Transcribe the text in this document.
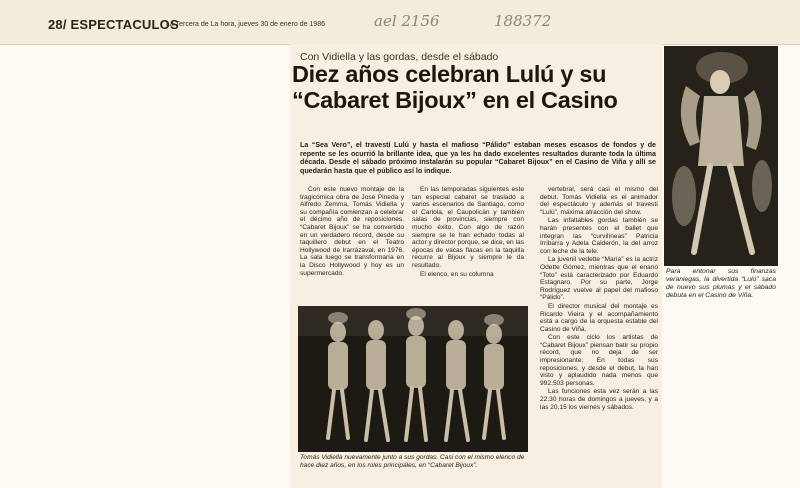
28/ ESPECTACULOS
La Tercera de La hora, jueves 30 de enero de 1986	ael 2156	188372
Con Vidiella y las gordas, desde el sábado
Diez años celebran Lulú y su “Cabaret Bijoux” en el Casino

La “Sea Vero”, el travestí Lulú y hasta el mafioso “Pálido” estaban meses escasos de fondos y de repente se les ocurrió la brillante idea, que ya les ha dado excelentes resultados durante toda la última década. Desde el sábado próximo instalarán su popular “Cabaret Bijoux” en el Casino de Viña y allí se quedarán hasta que el público así lo indique.

Con este nuevo montaje de la tragicómica obra de José Pineda y Alfredo Zemma, Tomás Vidiella y su compañía comienzan a celebrar el décimo año de reposiciones. “Cabaret Bijoux” se ha convertido en un verdadero récord, desde su taquillero debut en el Teatro Hollywood de Irarrázaval, en 1976. La sala luego se transformaría en la Disco Hollywood y hoy es un supermercado.

En las temporadas siguientes este tan especial cabaret se trasladó a varios escenarios de Santiago, como el Cariola, el Caupolicán y también salas de provincias, siempre con mucho éxito. Con algo de razón siempre se le han echado todas al actor y director porque, se dice, en las épocas de vacas flacas en la taquilla recurre al Bijoux y siempre le da resultado.

El elenco, en su columna

vertebral, será casi el mismo del debut. Tomás Vidiella es el animador del espectáculo y además el travestí “Lulú”, máxima atracción del show.

Las infaltables gordas también se harán presentes con el ballet que integran las “curvilíneas” Patricia Irribarra y Adela Calderón, la del arroz con leche de la tele.

La juvenil vedette “María” es la actriz Odette Gómez, mientras que el enano “Toto” está caracterizado por Eduardo Estagnaro. Por su parte, Jorge Rodríguez vuelve al papel del mafioso “Pálido”.

El director musical del montaje es Ricardo Vieira y el acompañamiento está a cargo de la orquesta estable del Casino de Viña.

Con este ciclo los artistas de “Cabaret Bijoux” piensan batir su propio récord, que no deja de ser impresionante: En todas sus reposiciones, y desde el debut, la han visto y aplaudido nada menos que 992.503 personas.

Las funciones esta vez serán a las 22.30 horas de domingos a jueves, y a las 20.15 los viernes y sábados.

Tomás Vidiella nuevamente junto a sus gordas. Casi con el mismo elenco de hace diez años, en los roles principales, en “Cabaret Bijoux”.

Para entonar sus finanzas veraniegas, la divertida “Lulú” saca de nuevo sus plumas y el sábado debuta en el Casino de Viña.
